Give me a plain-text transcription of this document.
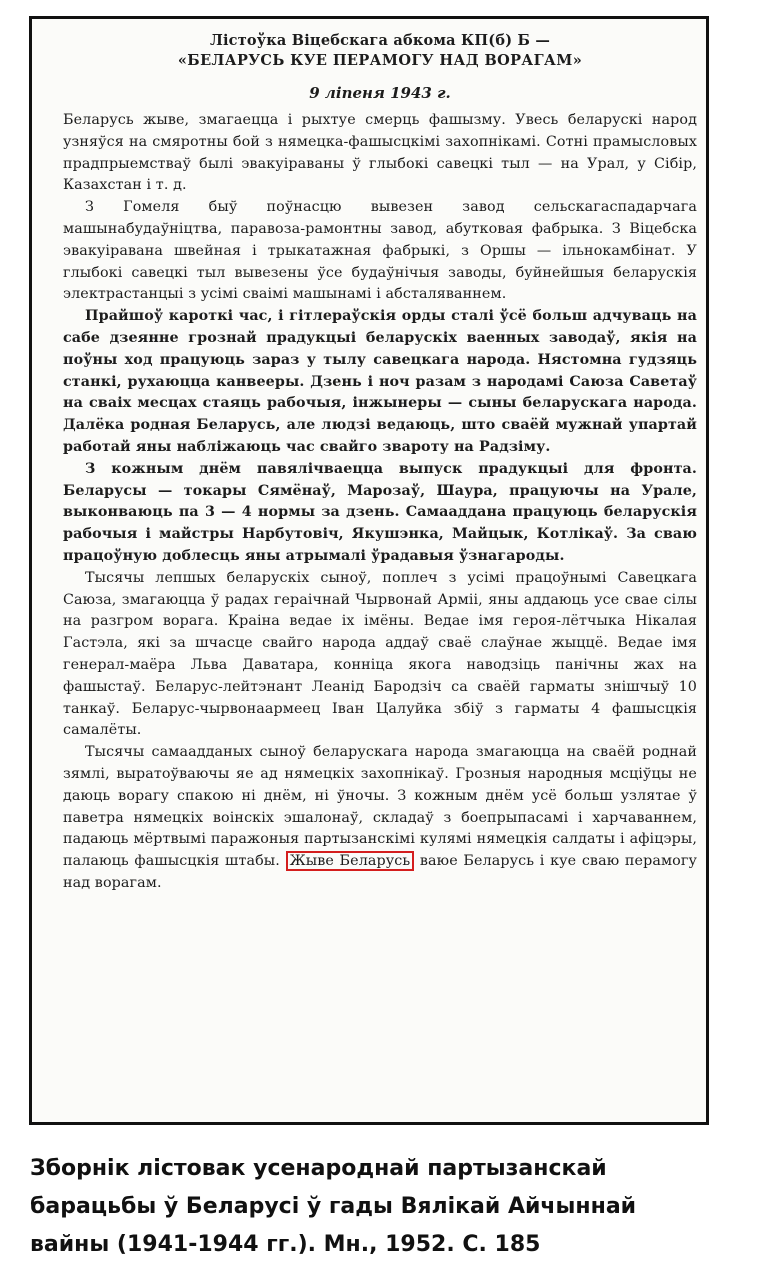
Лістоўка Віцебскага абкома КП(б) Б —
«БЕЛАРУСЬ КУЕ ПЕРАМОГУ НАД ВОРАГАМ»
9 ліпеня 1943 г.

Беларусь жыве, змагаецца і рыхтуе смерць фашызму. Увесь беларускі народ узняўся на смяротны бой з нямецка-фашысцкімі захопнікамі. Сотні прамысловых прадпрыемстваў былі эвакуіраваны ў глыбокі савецкі тыл — на Урал, у Сібір, Казахстан і т. д.

З Гомеля быў поўнасцю вывезен завод сельскагаспадарчага машынабудаўніцтва, паравоза-рамонтны завод, абутковая фабрыка. З Віцебска эвакуіравана швейная і трыкатажная фабрыкі, з Оршы — ільнокамбінат. У глыбокі савецкі тыл вывезены ўсе будаўнічыя заводы, буйнейшыя беларускія электрастанцыі з усімі сваімі машынамі і абсталяваннем.

Прайшоў кароткі час, і гітлераўскія орды сталі ўсё больш адчуваць на сабе дзеянне грознай прадукцыі беларускіх ваенных заводаў, якія на поўны ход працуюць зараз у тылу савецкага народа. Нястомна гудзяць станкі, рухаюцца канвееры. Дзень і ноч разам з народамі Саюза Саветаў на сваіх месцах стаяць рабочыя, інжынеры — сыны беларускага народа. Далёка родная Беларусь, але людзі ведаюць, што сваёй мужнай упартай работай яны набліжаюць час свайго звароту на Радзіму.

З кожным днём павялічваецца выпуск прадукцыі для фронта. Беларусы — токары Сямёнаў, Марозаў, Шаура, працуючы на Урале, выконваюць па 3 — 4 нормы за дзень. Самааддана працуюць беларускія рабочыя і майстры Нарбутовіч, Якушэнка, Майцык, Котлікаў. За сваю працоўную доблесць яны атрымалі ўрадавыя ўзнагароды.

Тысячы лепшых беларускіх сыноў, поплеч з усімі працоўнымі Савецкага Саюза, змагаюцца ў радах гераічнай Чырвонай Арміі, яны аддаюць усе свае сілы на разгром ворага. Краіна ведае іх імёны. Ведае імя героя-лётчыка Нікалая Гастэла, які за шчасце свайго народа аддаў сваё слаўнае жыццё. Ведае імя генерал-маёра Льва Даватара, конніца якога наводзіць панічны жах на фашыстаў. Беларус-лейтэнант Леанід Бародзіч са сваёй гарматы знішчыў 10 танкаў. Беларус-чырвонаармеец Іван Цалуйка збіў з гарматы 4 фашысцкія самалёты.

Тысячы самаадданых сыноў беларускага народа змагаюцца на сваёй роднай зямлі, выратоўваючы яе ад нямецкіх захопнікаў. Грозныя народныя мсціўцы не даюць ворагу спакою ні днём, ні ўночы. З кожным днём усё больш узлятае ў паветра нямецкіх воінскіх эшалонаў, складаў з боепрыпасамі і харчаваннем, падаюць мёртвымі паражоныя партызанскімі кулямі нямецкія салдаты і афіцэры, палаюць фашысцкія штабы. Жыве Беларусь ваюе Беларусь і куе сваю перамогу над ворагам.

Зборнік лістовак усенароднай партызанскай
барацьбы ў Беларусі ў гады Вялікай Айчыннай
вайны (1941-1944 гг.). Мн., 1952. С. 185
